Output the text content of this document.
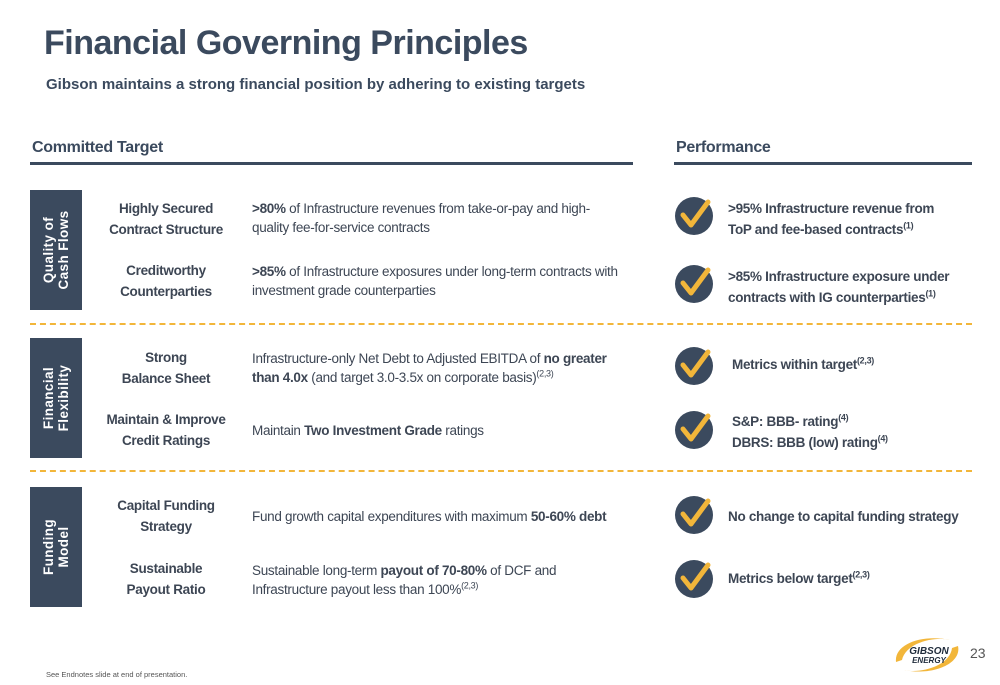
Financial Governing Principles
Gibson maintains a strong financial position by adhering to existing targets
Committed Target	Performance
Quality of Cash Flows
Highly Secured
Contract Structure
>80% of Infrastructure revenues from take-or-pay and high-quality fee-for-service contracts
Creditworthy
Counterparties
>85% of Infrastructure exposures under long-term contracts with investment grade counterparties
>95% Infrastructure revenue from
ToP and fee-based contracts$^{(1)}$
>85% Infrastructure exposure under
contracts with IG counterparties$^{(1)}$
Financial Flexibility
Strong
Balance Sheet
Infrastructure-only Net Debt to Adjusted EBITDA of no greater than 4.0x (and target 3.0-3.5x on corporate basis)$^{(2,3)}$
Maintain & Improve
Credit Ratings
Maintain Two Investment Grade ratings
Metrics within target$^{(2,3)}$
S&P: BBB- rating$^{(4)}$
DBRS: BBB (low) rating$^{(4)}$
Funding Model
Capital Funding
Strategy
Fund growth capital expenditures with maximum 50-60% debt
Sustainable
Payout Ratio
Sustainable long-term payout of 70-80% of DCF and Infrastructure payout less than 100%$^{(2,3)}$
No change to capital funding strategy
Metrics below target$^{(2,3)}$
See Endnotes slide at end of presentation.
GIBSON
ENERGY 23
